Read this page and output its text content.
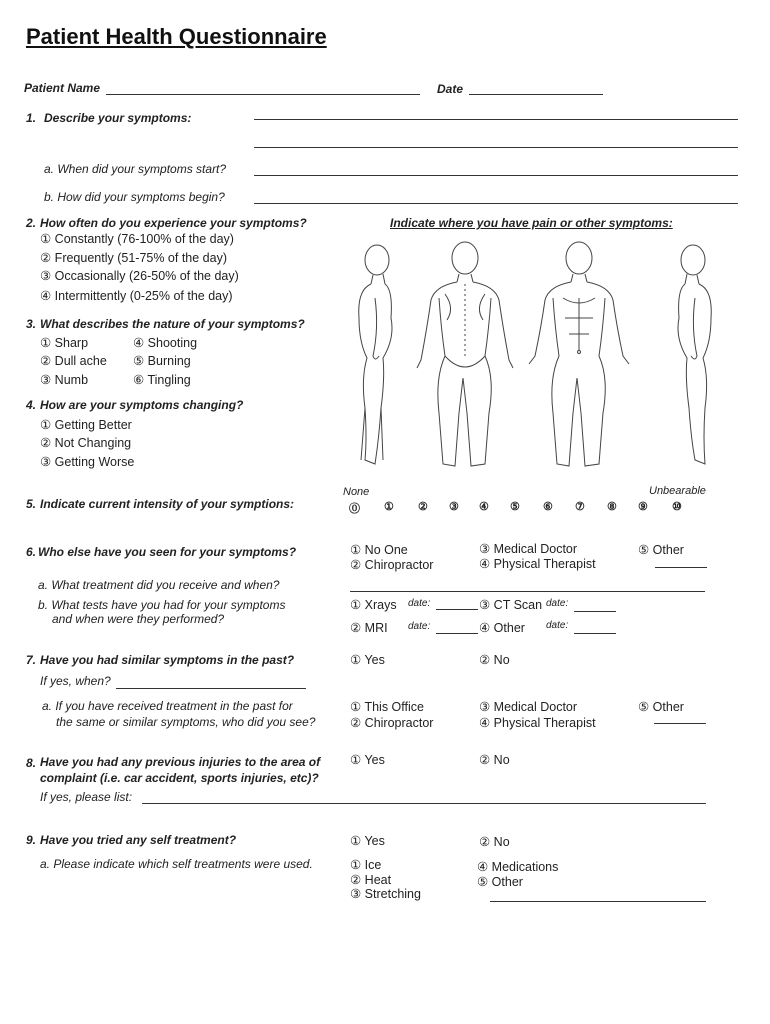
Patient Health Questionnaire
Patient Name	Date
1. Describe your symptoms:
a. When did your symptoms start?
b. How did your symptoms begin?
2. How often do you experience your symptoms?
① Constantly (76-100% of the day)
② Frequently (51-75% of the day)
③ Occasionally (26-50% of the day)
④ Intermittently (0-25% of the day)
Indicate where you have pain or other symptoms:
3. What describes the nature of your symptoms?
① Sharp	④ Shooting
② Dull ache ⑤ Burning
③ Numb	⑥ Tingling
4. How are your symptoms changing?
① Getting Better
② Not Changing
③ Getting Worse
5. Indicate current intensity of your symptions:
None	Unbearable
⓪ ① ② ③ ④ ⑤ ⑥ ⑦ ⑧ ⑨ ⑩
6. Who else have you seen for your symptoms?	① No One
② Chiropractor
③ Medical Doctor
④ Physical Therapist
⑤ Other
a. What treatment did you receive and when?
b. What tests have you had for your symptoms
and when were they performed?
① Xrays date:	③ CT Scan date:
② MRI date:	④ Other date:
7. Have you had similar symptoms in the past?	① Yes	② No
If yes, when?
a. If you have received treatment in the past for
the same or similar symptoms, who did you see?
① This Office
② Chiropractor
③ Medical Doctor
④ Physical Therapist
⑤ Other
8. Have you had any previous injuries to the area of
complaint (i.e. car accident, sports injuries, etc)?
① Yes	② No
If yes, please list:
9. Have you tried any self treatment?	① Yes	② No
a. Please indicate which self treatments were used.	① Ice
② Heat
③ Stretching
④ Medications
⑤ Other
